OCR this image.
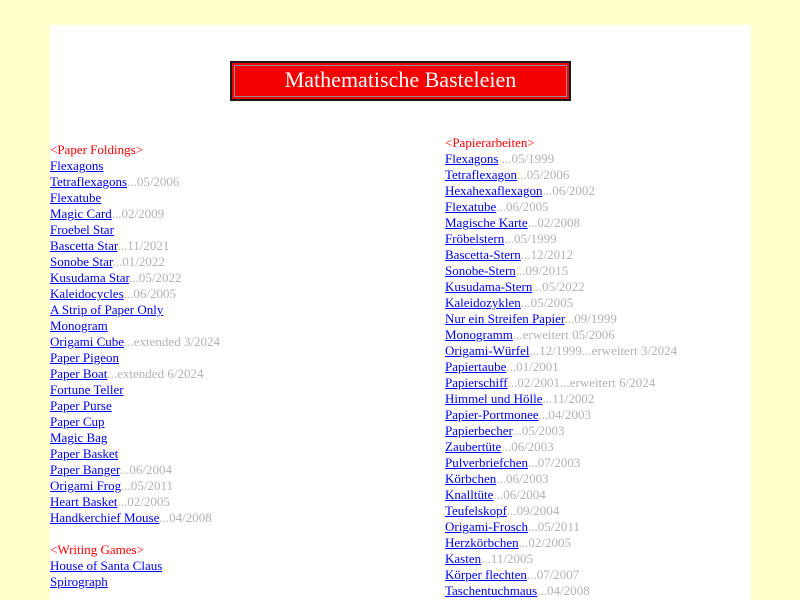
Mathematische Basteleien
<Paper Foldings>
Flexagons
Tetraflexagons...05/2006
Flexatube
Magic Card...02/2009
Froebel Star
Bascetta Star...11/2021
Sonobe Star...01/2022
Kusudama Star...05/2022
Kaleidocycles...06/2005
A Strip of Paper Only
Monogram
Origami Cube...extended 3/2024
Paper Pigeon
Paper Boat...extended 6/2024
Fortune Teller
Paper Purse
Paper Cup
Magic Bag
Paper Basket
Paper Banger...06/2004
Origami Frog...05/2011
Heart Basket...02/2005
Handkerchief Mouse...04/2008
<Writing Games>
House of Santa Claus
Spirograph
<Papierarbeiten>
Flexagons ...05/1999
Tetraflexagon...05/2006
Hexahexaflexagon...06/2002
Flexatube...06/2005
Magische Karte...02/2008
Fröbelstern...05/1999
Bascetta-Stern...12/2012
Sonobe-Stern...09/2015
Kusudama-Stern...05/2022
Kaleidozyklen...05/2005
Nur ein Streifen Papier...09/1999
Monogramm...erweitert 05/2006
Origami-Würfel...12/1999...erweitert 3/2024
Papiertaube...01/2001
Papierschiff...02/2001...erweitert 6/2024
Himmel und Hölle...11/2002
Papier-Portmonee...04/2003
Papierbecher...05/2003
Zaubertüte...06/2003
Pulverbriefchen...07/2003
Körbchen...06/2003
Knalltüte...06/2004
Teufelskopf...09/2004
Origami-Frosch...05/2011
Herzkörbchen...02/2005
Kasten...11/2005
Körper flechten...07/2007
Taschentuchmaus...04/2008
